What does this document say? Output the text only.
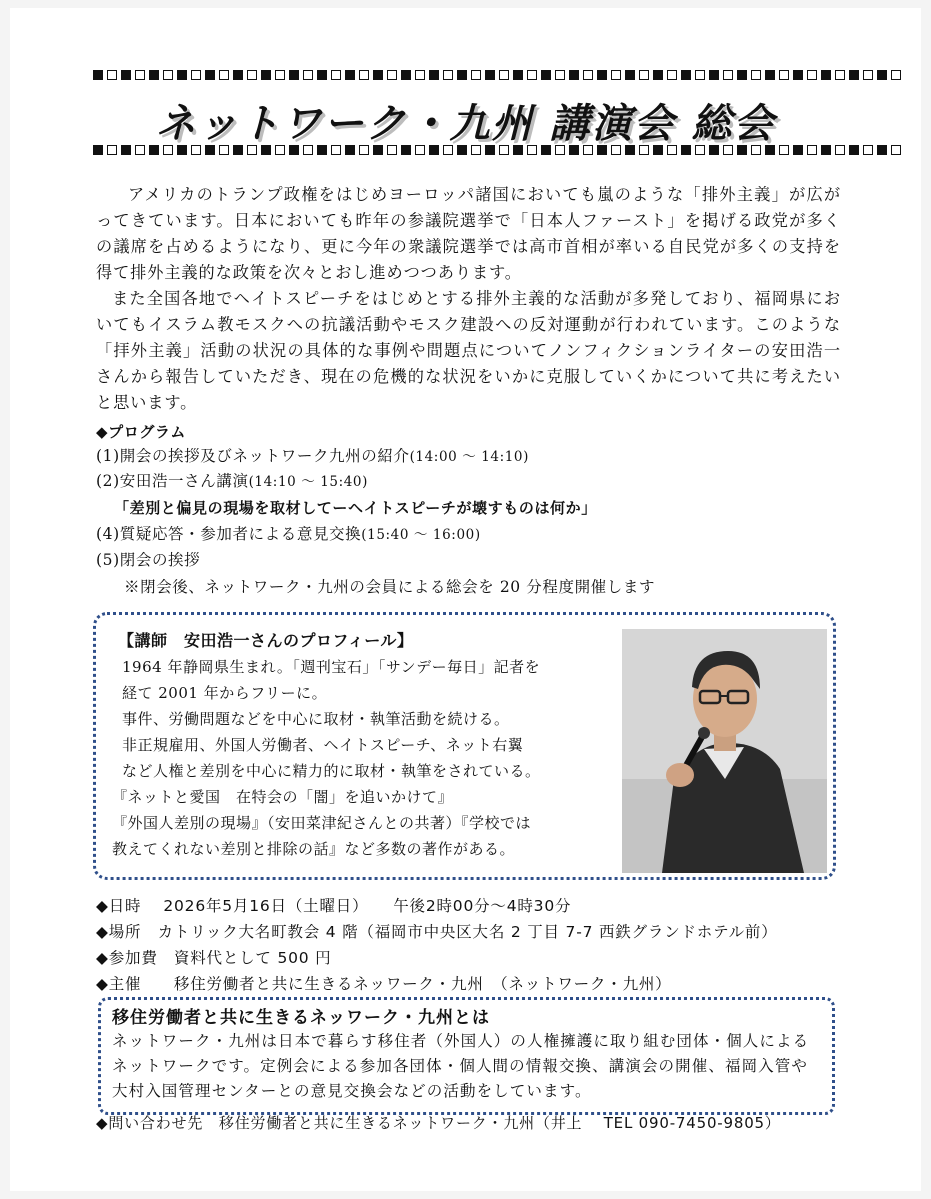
ネットワーク・九州 講演会 総会
アメリカのトランプ政権をはじめヨーロッパ諸国においても嵐のような「排外主義」が広がってきています。日本においても昨年の参議院選挙で「日本人ファースト」を掲げる政党が多くの議席を占めるようになり、更に今年の衆議院選挙では高市首相が率いる自民党が多くの支持を得て排外主義的な政策を次々とおし進めつつあります。
また全国各地でヘイトスピーチをはじめとする排外主義的な活動が多発しており、福岡県においてもイスラム教モスクへの抗議活動やモスク建設への反対運動が行われています。このような「拝外主義」活動の状況の具体的な事例や問題点についてノンフィクションライターの安田浩一さんから報告していただき、現在の危機的な状況をいかに克服していくかについて共に考えたいと思います。
◆プログラム
(1)開会の挨拶及びネットワーク九州の紹介(14:00 ～ 14:10)
(2)安田浩一さん講演(14:10 ～ 15:40)
「差別と偏見の現場を取材してーヘイトスピーチが壊すものは何か」
(4)質疑応答・参加者による意見交換(15:40 ～ 16:00)
(5)閉会の挨拶
※閉会後、ネットワーク・九州の会員による総会を 20 分程度開催します
【講師　安田浩一さんのプロフィール】
1964 年静岡県生まれ。「週刊宝石」「サンデー毎日」記者を
経て 2001 年からフリーに。
事件、労働問題などを中心に取材・執筆活動を続ける。
非正規雇用、外国人労働者、ヘイトスピーチ、ネット右翼
など人権と差別を中心に精力的に取材・執筆をされている。
『ネットと愛国　在特会の「闇」を追いかけて』
『外国人差別の現場』（安田菜津紀さんとの共著）『学校では
教えてくれない差別と排除の話』など多数の著作がある。
◆日時　 2026年5月16日（土曜日）　　午後2時00分～4時30分
◆場所　カトリック大名町教会 4 階（福岡市中央区大名 2 丁目 7-7 西鉄グランドホテル前）
◆参加費　資料代として 500 円
◆主催　　移住労働者と共に生きるネッワーク・九州　（ネットワーク・九州）
移住労働者と共に生きるネッワーク・九州とは
ネットワーク・九州は日本で暮らす移住者（外国人）の人権擁護に取り組む団体・個人によるネットワークです。定例会による参加各団体・個人間の情報交換、講演会の開催、福岡入管や大村入国管理センターとの意見交換会などの活動をしています。
◆問い合わせ先　移住労働者と共に生きるネットワーク・九州（井上　 TEL 090-7450-9805）
